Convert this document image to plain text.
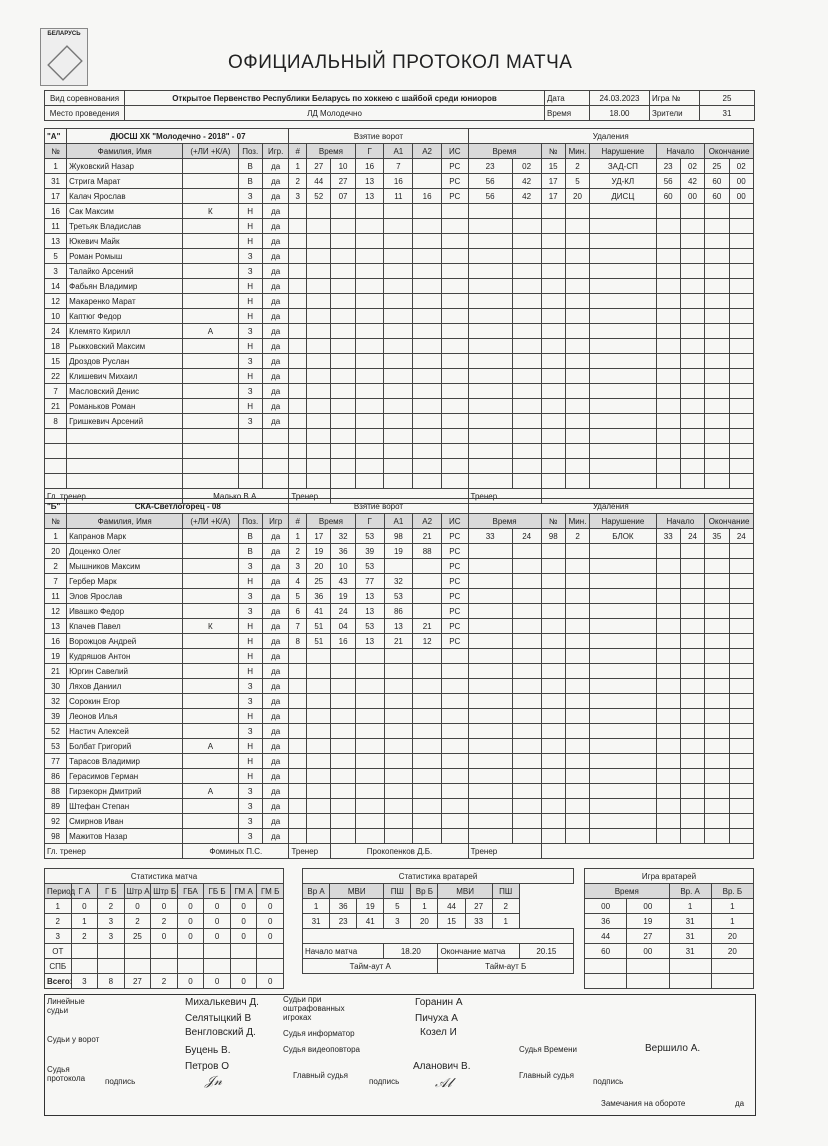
БЕЛАРУСЬ
ОФИЦИАЛЬНЫЙ ПРОТОКОЛ МАТЧА
Вид соревнования	Открытое Первенство Республики Беларусь по хоккею с шайбой среди юниоров	Дата	24.03.2023	Игра №	25
Место проведения	ЛД Молодечно	Время	18.00	Зрители	31
"А"	ДЮСШ ХК "Молодечно - 2018" - 07				Взятие ворот							Удаления								
№	Фамилия, Имя	(+ЛИ +К/А)	Поз.	Игр.	#	Время		Г	А1	А2	ИС	Время		№	Мин.	Нарушение	Начало		Окончание	
1	Жуковский Назар		В	да	1	27	10	16	7		РС	23	02	15	2	ЗАД-СП	23	02	25	02
31	Стрига Марат		В	да	2	44	27	13	16		РС	56	42	17	5	УД-КЛ	56	42	60	00
17	Калач Ярослав		З	да	3	52	07	13	11	16	РС	56	42	17	20	ДИСЦ	60	00	60	00
16	Сак Максим	К	Н	да																
11	Третьяк Владислав		Н	да																
13	Юкевич Майк		Н	да																
5	Роман Ромыш		З	да																
3	Талайко Арсений		З	да																
14	Фабьян Владимир		Н	да																
12	Макаренко Марат		Н	да																
10	Каптюг Федор		Н	да																
24	Клемято Кирилл	А	З	да																
18	Рыжковский Максим		Н	да																
15	Дроздов Руслан		З	да																
22	Клишевич Михаил		Н	да																
7	Масловский Денис		З	да																
21	Романьков Роман		Н	да																
8	Гришкевич Арсений		З	да																

Гл. тренер		Малько В.А.			Тренер							Тренер								
"Б"	СКА-Светлогорец - 08				Взятие ворот							Удаления								
№	Фамилия, Имя	(+ЛИ +К/А)	Поз.	Игр	#	Время		Г	А1	А2	ИС	Время		№	Мин.	Нарушение	Начало		Окончание	
1	Капранов Марк		В	да	1	17	32	53	98	21	РС	33	24	98	2	БЛОК	33	24	35	24
20	Доценко Олег		В	да	2	19	36	39	19	88	РС									
2	Мышников Максим		З	да	3	20	10	53			РС									
7	Гербер Марк		Н	да	4	25	43	77	32		РС									
11	Элов Ярослав		З	да	5	36	19	13	53		РС									
12	Ивашко Федор		З	да	6	41	24	13	86		РС									
13	Кпачев Павел	К	Н	да	7	51	04	53	13	21	РС									
16	Ворожцов Андрей		Н	да	8	51	16	13	21	12	РС									
19	Кудряшов Антон		Н	да																
21	Юргин Савелий		Н	да																
30	Ляхов Даниил		З	да																
32	Сорокин Егор		З	да																
39	Леонов Илья		Н	да																
52	Настич Алексей		З	да																
53	Болбат Григорий	А	Н	да																
77	Тарасов Владимир		Н	да																
86	Герасимов Герман		Н	да																
88	Гирзекорн Дмитрий	А	З	да																
89	Штефан Степан		З	да																
92	Смирнов Иван		З	да																
98	Мажитов Назар		З	да																
Гл. тренер		Фоминых П.С.			Тренер		Прокопенков Д.Б.					Тренер								
Статистика матча								
Период	Г А	Г Б	Штр А	Штр Б	ГБА	ГБ Б	ГМ А	ГМ Б
1	0	2	0	0	0	0	0	0
2	1	3	2	2	0	0	0	0
3	2	3	25	0	0	0	0	0
ОТ								
СПБ								
Всего:	3	8	27	2	0	0	0	0
Статистика вратарей								
Вр А	МВИ		ПШ	Вр Б	МВИ		ПШ	
1	36	19	5	1	44	27	2	
31	23	41	3	20	15	33	1	

Начало матча			18.20		Окончание матча			20.15
Тайм-аут А					Тайм-аут Б			
Игра вратарей			
Время		Вр. А	Вр. Б
00	00	1	1
36	19	31	1
44	27	31	20
60	00	31	20

Линейные судьи
Михалькевич Д.
Селятыцкий В
Судьи у ворот
Венгловский Д.
Буцень В.
Судья протокола
Петров О
подпись	𝒥𝓃
Судьи при оштрафованных игроках
Горанин А
Пичуха А
Судья информатор	Козел И
Судья видеоповтора
Главный судья
Аланович В.
подпись	𝒜𝓁
Судья Времени	Вершило А.
Главный судья
подпись
Замечания на обороте	да
